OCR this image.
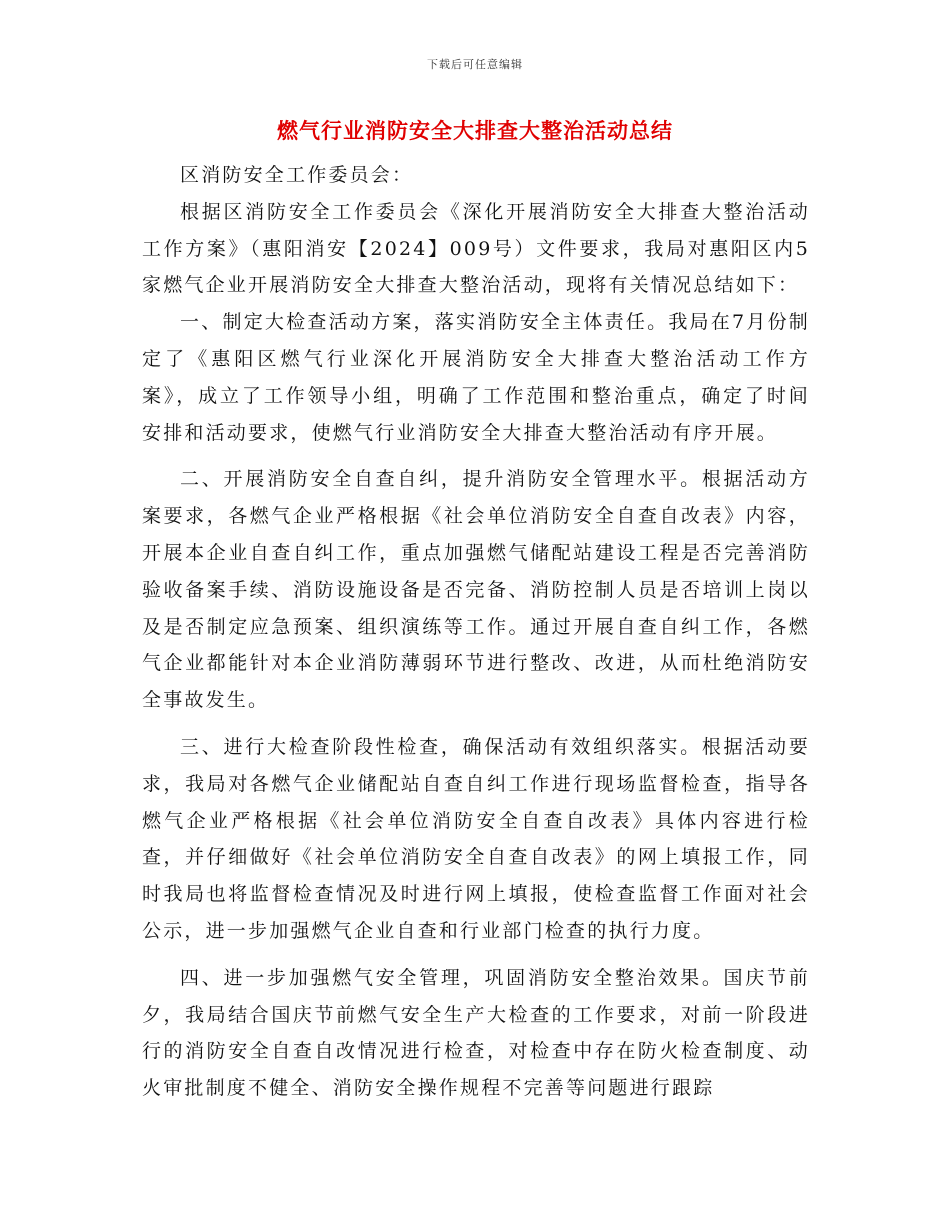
下载后可任意编辑
燃气行业消防安全大排查大整治活动总结

区消防安全工作委员会：

根据区消防安全工作委员会《深化开展消防安全大排查大整治活动工作方案》（惠阳消安【2024】009号）文件要求，我局对惠阳区内5家燃气企业开展消防安全大排查大整治活动，现将有关情况总结如下：

一、制定大检查活动方案，落实消防安全主体责任。我局在7月份制定了《惠阳区燃气行业深化开展消防安全大排查大整治活动工作方案》，成立了工作领导小组，明确了工作范围和整治重点，确定了时间安排和活动要求，使燃气行业消防安全大排查大整治活动有序开展。

二、开展消防安全自查自纠，提升消防安全管理水平。根据活动方案要求，各燃气企业严格根据《社会单位消防安全自查自改表》内容，开展本企业自查自纠工作，重点加强燃气储配站建设工程是否完善消防验收备案手续、消防设施设备是否完备、消防控制人员是否培训上岗以及是否制定应急预案、组织演练等工作。通过开展自查自纠工作，各燃气企业都能针对本企业消防薄弱环节进行整改、改进，从而杜绝消防安全事故发生。

三、进行大检查阶段性检查，确保活动有效组织落实。根据活动要求，我局对各燃气企业储配站自查自纠工作进行现场监督检查，指导各燃气企业严格根据《社会单位消防安全自查自改表》具体内容进行检查，并仔细做好《社会单位消防安全自查自改表》的网上填报工作，同时我局也将监督检查情况及时进行网上填报，使检查监督工作面对社会公示，进一步加强燃气企业自查和行业部门检查的执行力度。

四、进一步加强燃气安全管理，巩固消防安全整治效果。国庆节前夕，我局结合国庆节前燃气安全生产大检查的工作要求，对前一阶段进行的消防安全自查自改情况进行检查，对检查中存在防火检查制度、动火审批制度不健全、消防安全操作规程不完善等问题进行跟踪
